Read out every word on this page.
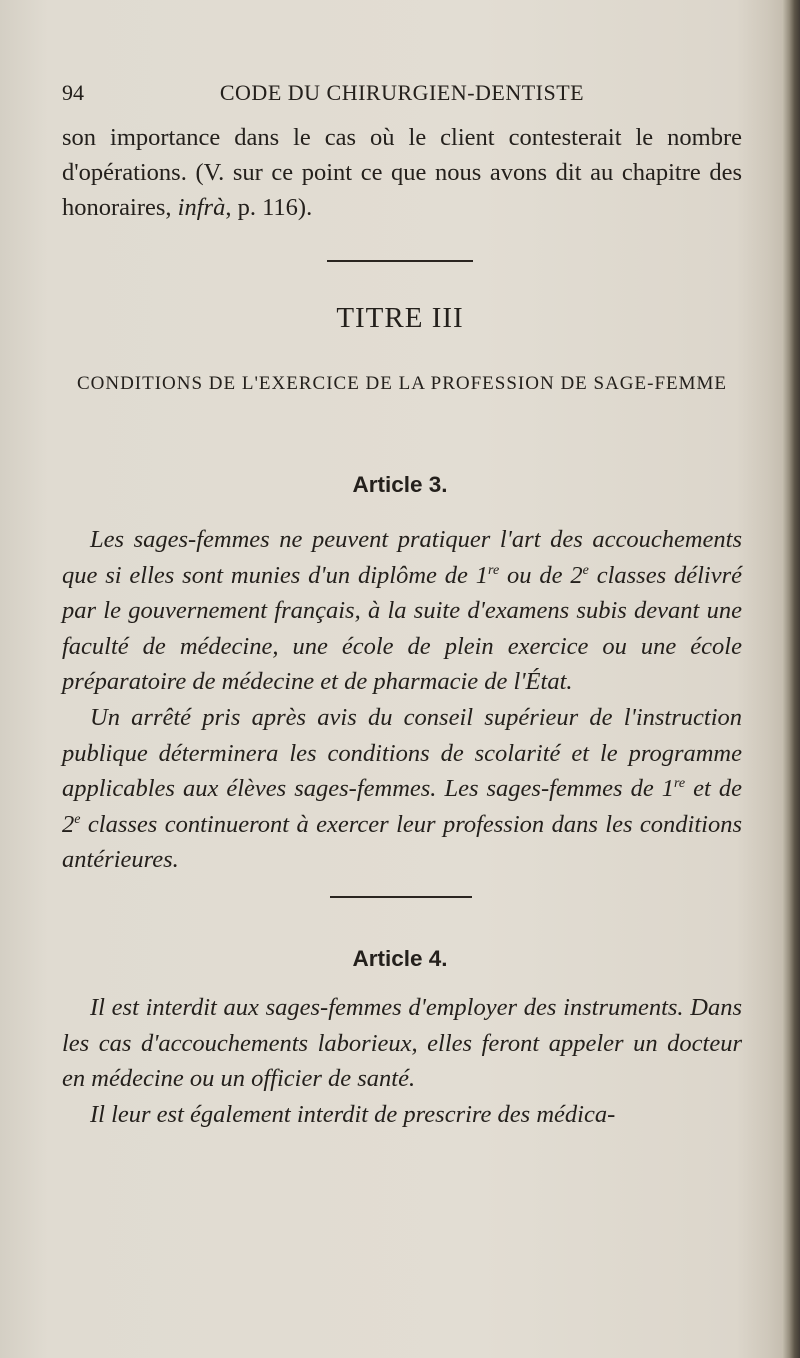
94	CODE DU CHIRURGIEN-DENTISTE
son importance dans le cas où le client contesterait le nombre d'opérations. (V. sur ce point ce que nous avons dit au chapitre des honoraires, infrà, p. 116).
TITRE III
CONDITIONS DE L'EXERCICE DE LA PROFESSION DE SAGE-FEMME
Article 3.
Les sages-femmes ne peuvent pratiquer l'art des accouchements que si elles sont munies d'un diplôme de 1re ou de 2e classes délivré par le gouvernement français, à la suite d'examens subis devant une faculté de médecine, une école de plein exercice ou une école préparatoire de médecine et de pharmacie de l'État.
Un arrêté pris après avis du conseil supérieur de l'instruction publique déterminera les conditions de scolarité et le programme applicables aux élèves sages-femmes. Les sages-femmes de 1re et de 2e classes continueront à exercer leur profession dans les conditions antérieures.
Article 4.
Il est interdit aux sages-femmes d'employer des instruments. Dans les cas d'accouchements laborieux, elles feront appeler un docteur en médecine ou un officier de santé.
Il leur est également interdit de prescrire des médica-
